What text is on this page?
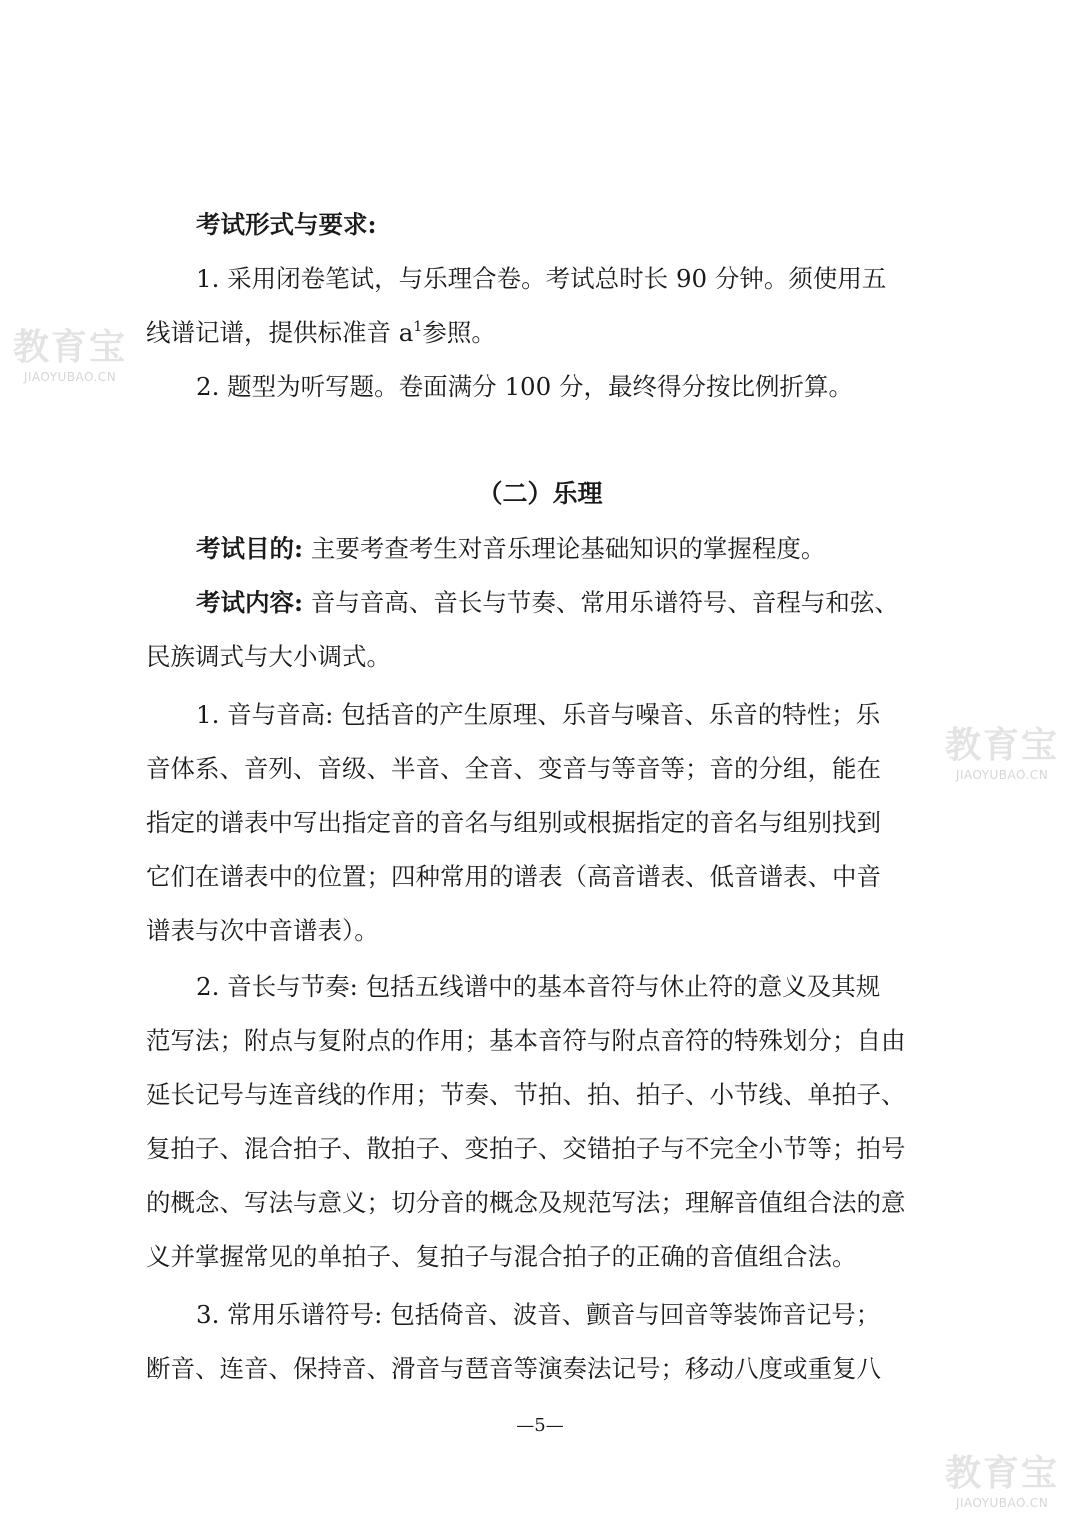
考试形式与要求:
1. 采用闭卷笔试，与乐理合卷。考试总时长 90 分钟。须使用五
线谱记谱，提供标准音 $a^1$参照。
2. 题型为听写题。卷面满分 100 分，最终得分按比例折算。
（二）乐理
考试目的: 主要考查考生对音乐理论基础知识的掌握程度。
考试内容: 音与音高、音长与节奏、常用乐谱符号、音程与和弦、
民族调式与大小调式。
1. 音与音高: 包括音的产生原理、乐音与噪音、乐音的特性；乐
音体系、音列、音级、半音、全音、变音与等音等；音的分组，能在
指定的谱表中写出指定音的音名与组别或根据指定的音名与组别找到
它们在谱表中的位置；四种常用的谱表（高音谱表、低音谱表、中音
谱表与次中音谱表）。
2. 音长与节奏: 包括五线谱中的基本音符与休止符的意义及其规
范写法；附点与复附点的作用；基本音符与附点音符的特殊划分；自由
延长记号与连音线的作用；节奏、节拍、拍、拍子、小节线、单拍子、
复拍子、混合拍子、散拍子、变拍子、交错拍子与不完全小节等；拍号
的概念、写法与意义；切分音的概念及规范写法；理解音值组合法的意
义并掌握常见的单拍子、复拍子与混合拍子的正确的音值组合法。
3. 常用乐谱符号: 包括倚音、波音、颤音与回音等装饰音记号；
断音、连音、保持音、滑音与琶音等演奏法记号；移动八度或重复八
—5—
教育宝
JIAOYUBAO.CN
教育宝
JIAOYUBAO.CN
教育宝
JIAOYUBAO.CN
